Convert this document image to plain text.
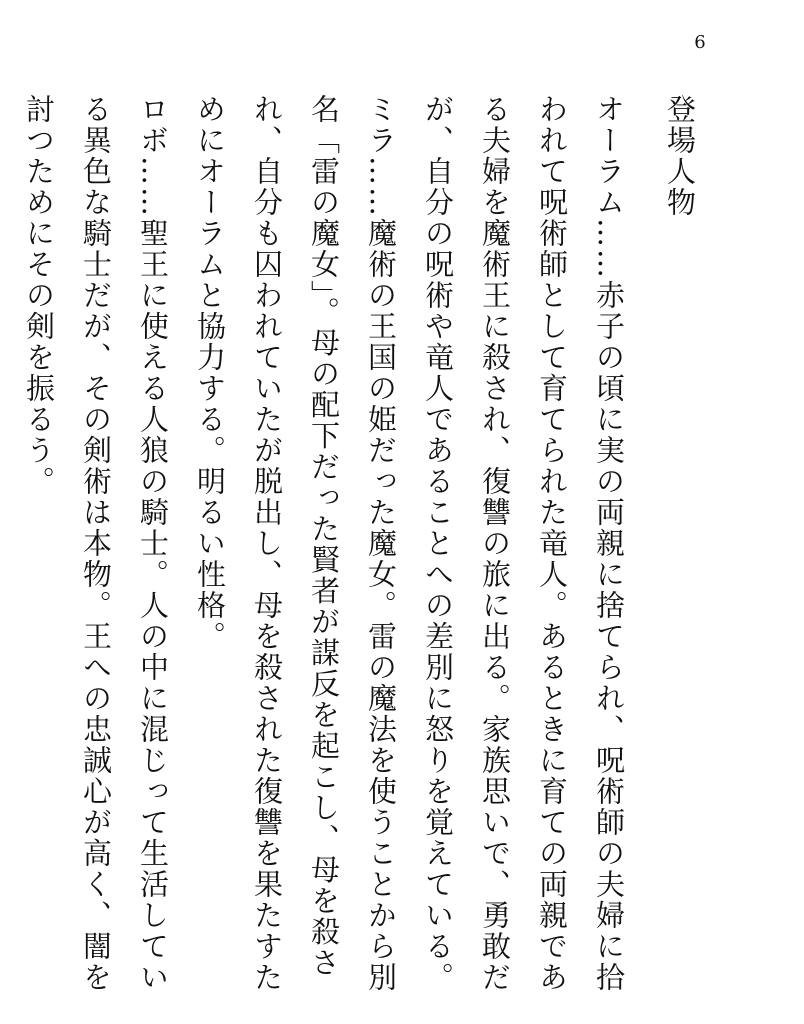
6
登場人物

オーラム……赤子の頃に実の両親に捨てられ、呪術師の夫婦に拾われて呪術師として育てられた竜人。あるときに育ての両親である夫婦を魔術王に殺され、復讐の旅に出る。家族思いで、勇敢だが、自分の呪術や竜人であることへの差別に怒りを覚えている。

ミラ……魔術の王国の姫だった魔女。雷の魔法を使うことから別名「雷の魔女」。母の配下だった賢者が謀反を起こし、母を殺され、自分も囚われていたが脱出し、母を殺された復讐を果たすためにオーラムと協力する。明るい性格。

ロボ……聖王に使える人狼の騎士。人の中に混じって生活している異色な騎士だが、その剣術は本物。王への忠誠心が高く、闇を討つためにその剣を振るう。
